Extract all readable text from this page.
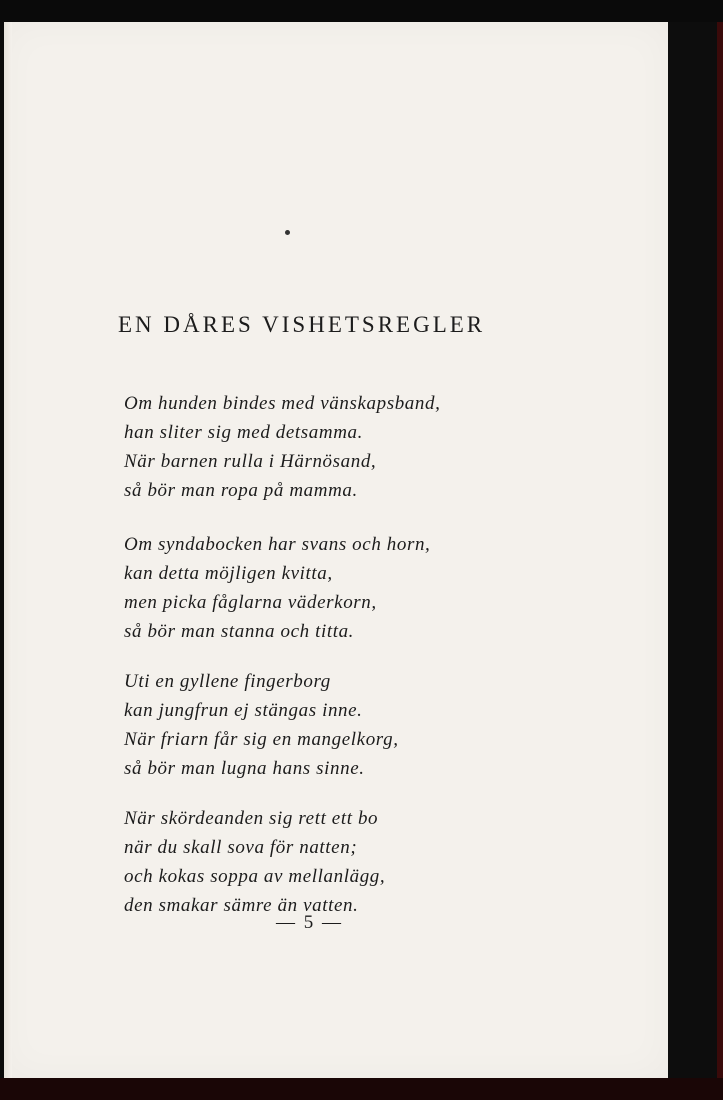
EN DÅRES VISHETSREGLER
Om hunden bindes med vänskapsband,
han sliter sig med detsamma.
När barnen rulla i Härnösand,
så bör man ropa på mamma.
Om syndabocken har svans och horn,
kan detta möjligen kvitta,
men picka fåglarna väderkorn,
så bör man stanna och titta.
Uti en gyllene fingerborg
kan jungfrun ej stängas inne.
När friarn får sig en mangelkorg,
så bör man lugna hans sinne.
När skördeanden sig rett ett bo
när du skall sova för natten;
och kokas soppa av mellanlägg,
den smakar sämre än vatten.
— 5 —
